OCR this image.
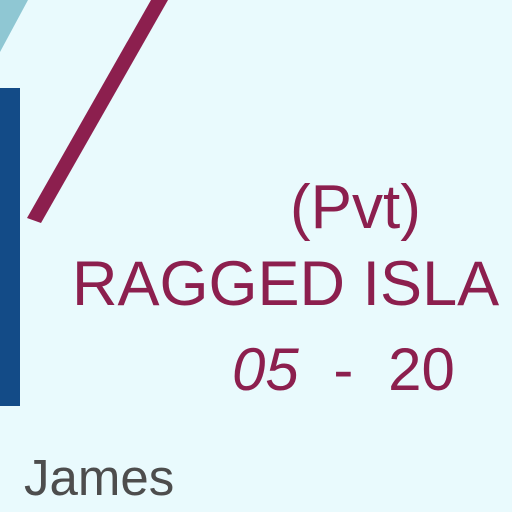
(Pvt)
RAGGED ISLA
05 - 20
James
